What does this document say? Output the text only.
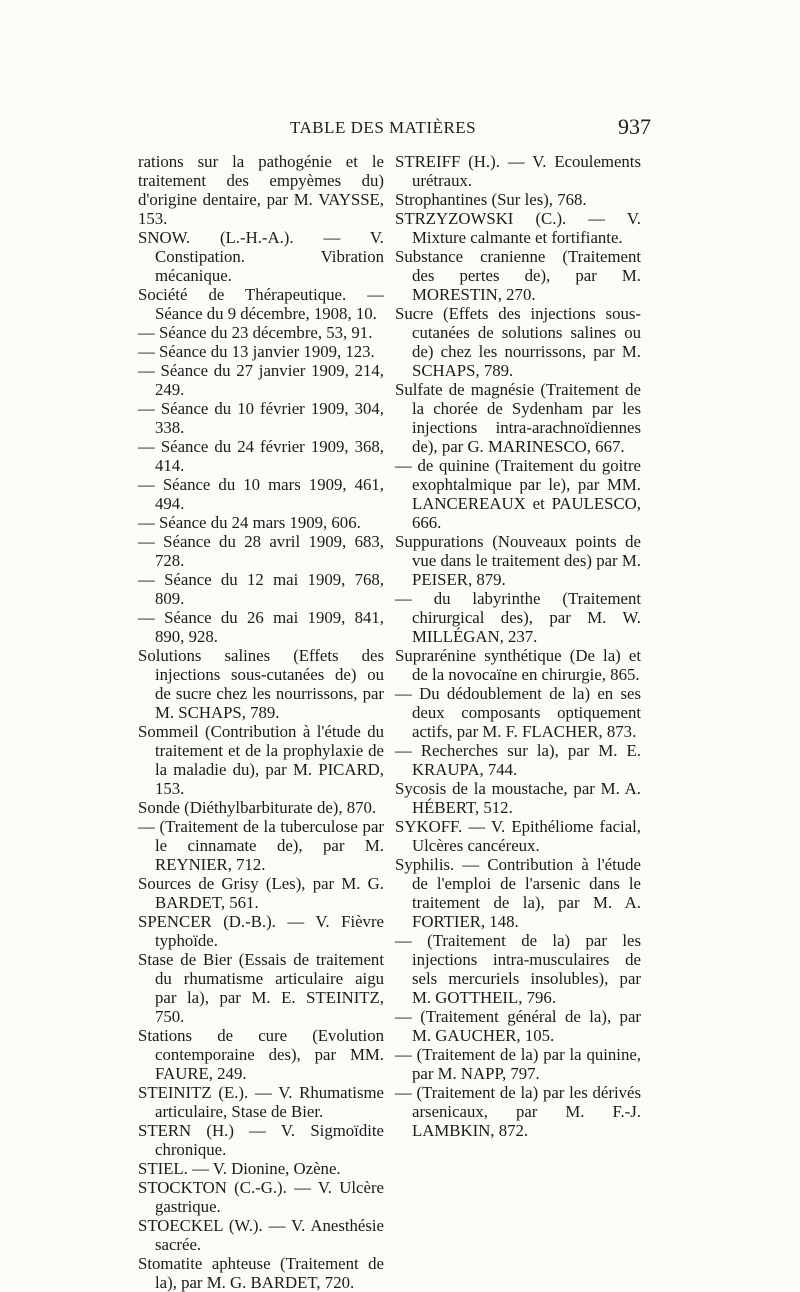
TABLE DES MATIÈRES	937

rations sur la pathogénie et le traitement des empyèmes du) d'origine dentaire, par M. VAYSSE, 153.

SNOW. (L.-H.-A.). — V. Constipation. Vibration mécanique.

Société de Thérapeutique. — Séance du 9 décembre, 1908, 10.

— Séance du 23 décembre, 53, 91.

— Séance du 13 janvier 1909, 123.

— Séance du 27 janvier 1909, 214, 249.

— Séance du 10 février 1909, 304, 338.

— Séance du 24 février 1909, 368, 414.

— Séance du 10 mars 1909, 461, 494.

— Séance du 24 mars 1909, 606.

— Séance du 28 avril 1909, 683, 728.

— Séance du 12 mai 1909, 768, 809.

— Séance du 26 mai 1909, 841, 890, 928.

Solutions salines (Effets des injections sous-cutanées de) ou de sucre chez les nourrissons, par M. SCHAPS, 789.

Sommeil (Contribution à l'étude du traitement et de la prophylaxie de la maladie du), par M. PICARD, 153.

Sonde (Diéthylbarbiturate de), 870.

— (Traitement de la tuberculose par le cinnamate de), par M. REYNIER, 712.

Sources de Grisy (Les), par M. G. BARDET, 561.

SPENCER (D.-B.). — V. Fièvre typhoïde.

Stase de Bier (Essais de traitement du rhumatisme articulaire aigu par la), par M. E. STEINITZ, 750.

Stations de cure (Evolution contemporaine des), par MM. FAURE, 249.

STEINITZ (E.). — V. Rhumatisme articulaire, Stase de Bier.

STERN (H.) — V. Sigmoïdite chronique.

STIEL. — V. Dionine, Ozène.

STOCKTON (C.-G.). — V. Ulcère gastrique.

STOECKEL (W.). — V. Anesthésie sacrée.

Stomatite aphteuse (Traitement de la), par M. G. BARDET, 720.

STREIFF (H.). — V. Ecoulements urétraux.

Strophantines (Sur les), 768.

STRZYZOWSKI (C.). — V. Mixture calmante et fortifiante.

Substance cranienne (Traitement des pertes de), par M. MORESTIN, 270.

Sucre (Effets des injections sous-cutanées de solutions salines ou de) chez les nourrissons, par M. SCHAPS, 789.

Sulfate de magnésie (Traitement de la chorée de Sydenham par les injections intra-arachnoïdiennes de), par G. MARINESCO, 667.

— de quinine (Traitement du goitre exophtalmique par le), par MM. LANCEREAUX et PAULESCO, 666.

Suppurations (Nouveaux points de vue dans le traitement des) par M. PEISER, 879.

— du labyrinthe (Traitement chirurgical des), par M. W. MILLÉGAN, 237.

Suprarénine synthétique (De la) et de la novocaïne en chirurgie, 865.

— Du dédoublement de la) en ses deux composants optiquement actifs, par M. F. FLACHER, 873.

— Recherches sur la), par M. E. KRAUPA, 744.

Sycosis de la moustache, par M. A. HÉBERT, 512.

SYKOFF. — V. Epithéliome facial, Ulcères cancéreux.

Syphilis. — Contribution à l'étude de l'emploi de l'arsenic dans le traitement de la), par M. A. FORTIER, 148.

— (Traitement de la) par les injections intra-musculaires de sels mercuriels insolubles), par M. GOTTHEIL, 796.

— (Traitement général de la), par M. GAUCHER, 105.

— (Traitement de la) par la quinine, par M. NAPP, 797.

— (Traitement de la) par les dérivés arsenicaux, par M. F.-J. LAMBKIN, 872.
